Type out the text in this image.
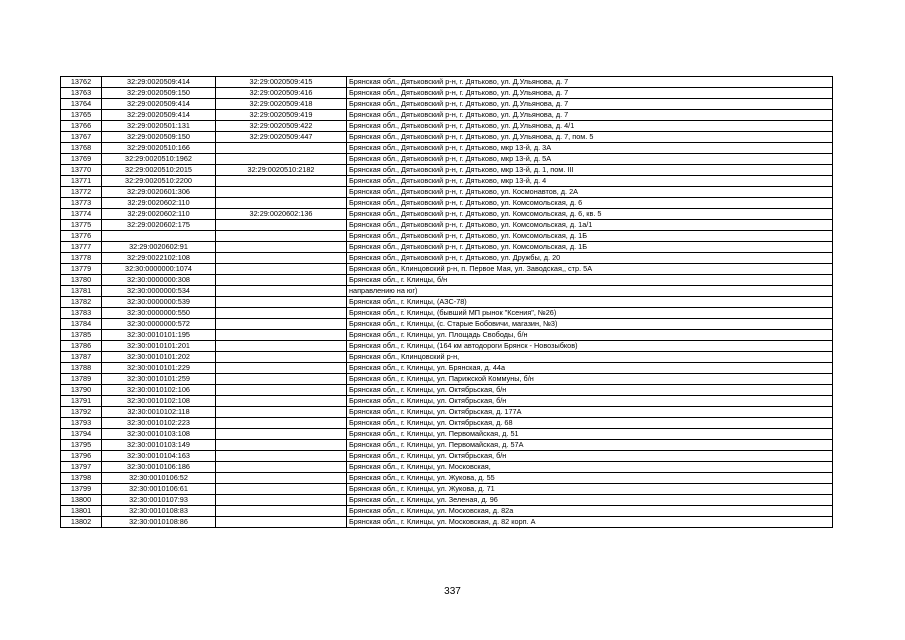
13762	32:29:0020509:414	32:29:0020509:415	Брянская обл., Дятьковский р-н, г. Дятьково, ул. Д.Ульянова, д. 7
13763	32:29:0020509:150	32:29:0020509:416	Брянская обл., Дятьковский р-н, г. Дятьково, ул. Д.Ульянова, д. 7
13764	32:29:0020509:414	32:29:0020509:418	Брянская обл., Дятьковский р-н, г. Дятьково, ул. Д.Ульянова, д. 7
13765	32:29:0020509:414	32:29:0020509:419	Брянская обл., Дятьковский р-н, г. Дятьково, ул. Д.Ульянова, д. 7
13766	32:29:0020501:131	32:29:0020509:422	Брянская обл., Дятьковский р-н, г. Дятьково, ул. Д.Ульянова, д. 4/1
13767	32:29:0020509:150	32:29:0020509:447	Брянская обл., Дятьковский р-н, г. Дятьково, ул. Д.Ульянова, д. 7, пом. 5
13768	32:29:0020510:166		Брянская обл., Дятьковский р-н, г. Дятьково, мкр 13-й, д. 3А
13769	32:29:0020510:1962		Брянская обл., Дятьковский р-н, г. Дятьково, мкр 13-й, д. 5А
13770	32:29:0020510:2015	32:29:0020510:2182	Брянская обл., Дятьковский р-н, г. Дятьково, мкр 13-й, д. 1, пом. III
13771	32:29:0020510:2200		Брянская обл., Дятьковский р-н, г. Дятьково, мкр 13-й, д. 4
13772	32:29:0020601:306		Брянская обл., Дятьковский р-н, г. Дятьково, ул. Космонавтов, д. 2А
13773	32:29:0020602:110		Брянская обл., Дятьковский р-н, г. Дятьково, ул. Комсомольская, д. 6
13774	32:29:0020602:110	32:29:0020602:136	Брянская обл., Дятьковский р-н, г. Дятьково, ул. Комсомольская, д. 6, кв. 5
13775	32:29:0020602:175		Брянская обл., Дятьковский р-н, г. Дятьково, ул. Комсомольская, д. 1а/1
13776			Брянская обл., Дятьковский р-н, г. Дятьково, ул. Комсомольская, д. 1Б
13777	32:29:0020602:91		Брянская обл., Дятьковский р-н, г. Дятьково, ул. Комсомольская, д. 1Б
13778	32:29:0022102:108		Брянская обл., Дятьковский р-н, г. Дятьково, ул. Дружбы, д. 20
13779	32:30:0000000:1074		Брянская обл., Клинцовский р-н, п. Первое Мая, ул. Заводская,, стр. 5А
13780	32:30:0000000:308		Брянская обл., г. Клинцы, б/н
13781	32:30:0000000:534		направлению на юг)
13782	32:30:0000000:539		Брянская обл., г. Клинцы, (АЗС-78)
13783	32:30:0000000:550		Брянская обл., г. Клинцы, (бывший МП рынок "Ксения", №26)
13784	32:30:0000000:572		Брянская обл., г. Клинцы, (с. Старые Бобовичи, магазин, №3)
13785	32:30:0010101:195		Брянская обл., г. Клинцы, ул. Площадь Свободы, б/н
13786	32:30:0010101:201		Брянская обл., г. Клинцы, (164 км автодороги Брянск - Новозыбков)
13787	32:30:0010101:202		Брянская обл., Клинцовский р-н,
13788	32:30:0010101:229		Брянская обл., г. Клинцы, ул. Брянская, д. 44а
13789	32:30:0010101:259		Брянская обл., г. Клинцы, ул. Парижской Коммуны, б/н
13790	32:30:0010102:106		Брянская обл., г. Клинцы, ул. Октябрьская, б/н
13791	32:30:0010102:108		Брянская обл., г. Клинцы, ул. Октябрьская, б/н
13792	32:30:0010102:118		Брянская обл., г. Клинцы, ул. Октябрьская, д. 177А
13793	32:30:0010102:223		Брянская обл., г. Клинцы, ул. Октябрьская, д. 68
13794	32:30:0010103:108		Брянская обл., г. Клинцы, ул. Первомайская, д. 51
13795	32:30:0010103:149		Брянская обл., г. Клинцы, ул. Первомайская, д. 57А
13796	32:30:0010104:163		Брянская обл., г. Клинцы, ул. Октябрьская, б/н
13797	32:30:0010106:186		Брянская обл., г. Клинцы, ул. Московская,
13798	32:30:0010106:52		Брянская обл., г. Клинцы, ул. Жукова, д. 55
13799	32:30:0010106:61		Брянская обл., г. Клинцы, ул. Жукова, д. 71
13800	32:30:0010107:93		Брянская обл., г. Клинцы, ул. Зеленая, д. 96
13801	32:30:0010108:83		Брянская обл., г. Клинцы, ул. Московская, д. 82а
13802	32:30:0010108:86		Брянская обл., г. Клинцы, ул. Московская, д. 82 корп. А
337
